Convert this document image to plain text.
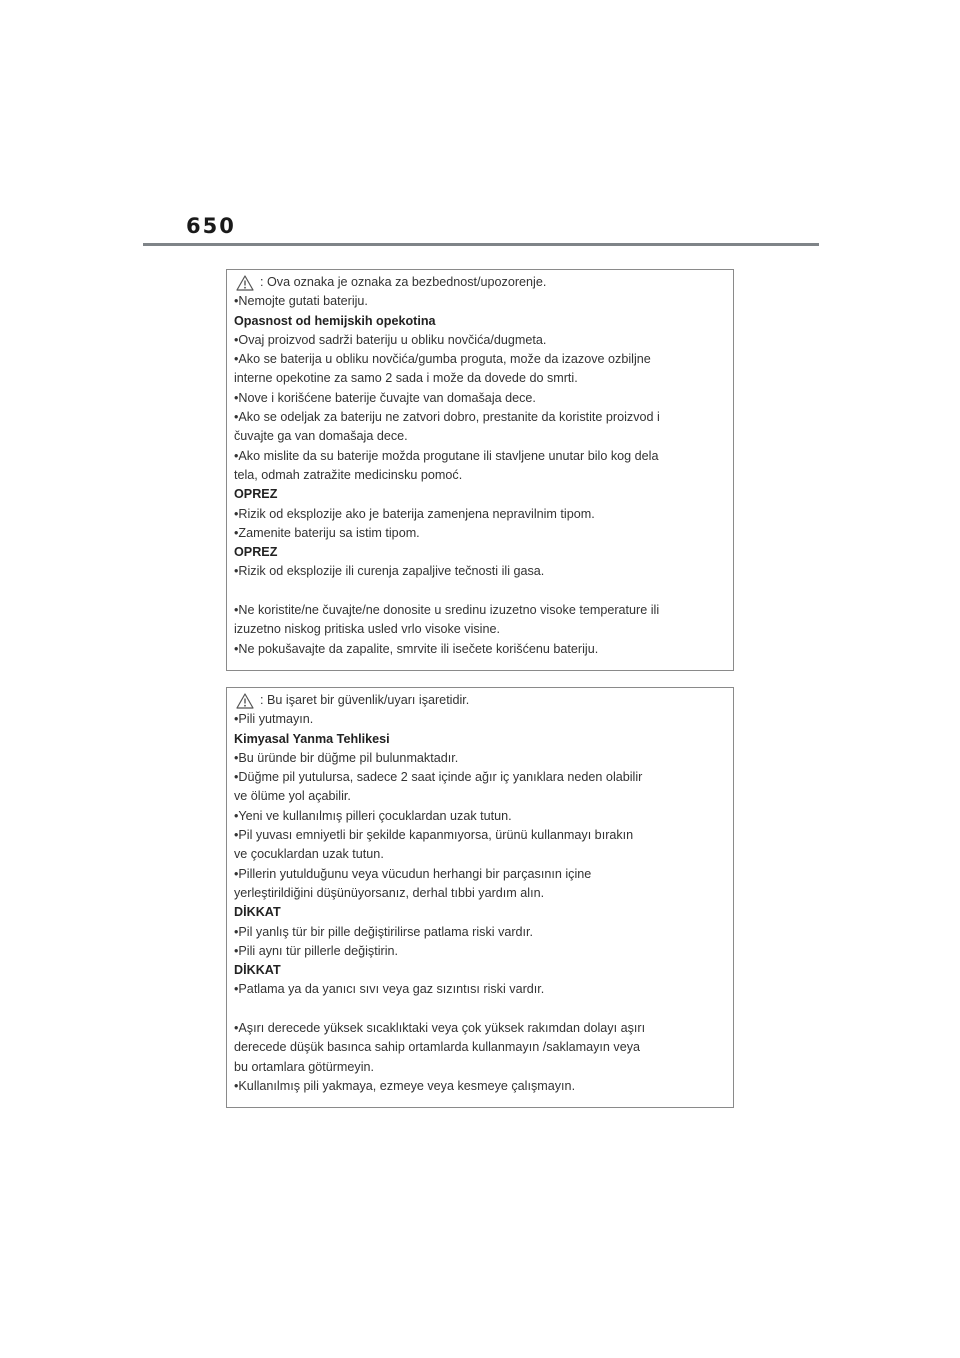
650
: Ova oznaka je oznaka za bezbednost/upozorenje.
•Nemojte gutati bateriju.
Opasnost od hemijskih opekotina
•Ovaj proizvod sadrži bateriju u obliku novčića/dugmeta.
•Ako se baterija u obliku novčića/gumba proguta, može da izazove ozbiljne
interne opekotine za samo 2 sada i može da dovede do smrti.
•Nove i korišćene baterije čuvajte van domašaja dece.
•Ako se odeljak za bateriju ne zatvori dobro, prestanite da koristite proizvod i
čuvajte ga van domašaja dece.
•Ako mislite da su baterije možda progutane ili stavljene unutar bilo kog dela
tela, odmah zatražite medicinsku pomoć.
OPREZ
•Rizik od eksplozije ako je baterija zamenjena nepravilnim tipom.
•Zamenite bateriju sa istim tipom.
OPREZ
•Rizik od eksplozije ili curenja zapaljive tečnosti ili gasa.
•Ne koristite/ne čuvajte/ne donosite u sredinu izuzetno visoke temperature ili
izuzetno niskog pritiska usled vrlo visoke visine.
•Ne pokušavajte da zapalite, smrvite ili isečete korišćenu bateriju.
: Bu işaret bir güvenlik/uyarı işaretidir.
•Pili yutmayın.
Kimyasal Yanma Tehlikesi
•Bu üründe bir düğme pil bulunmaktadır.
•Düğme pil yutulursa, sadece 2 saat içinde ağır iç yanıklara neden olabilir
ve ölüme yol açabilir.
•Yeni ve kullanılmış pilleri çocuklardan uzak tutun.
•Pil yuvası emniyetli bir şekilde kapanmıyorsa, ürünü kullanmayı bırakın
ve çocuklardan uzak tutun.
•Pillerin yutulduğunu veya vücudun herhangi bir parçasının içine
yerleştirildiğini düşünüyorsanız, derhal tıbbi yardım alın.
DİKKAT
•Pil yanlış tür bir pille değiştirilirse patlama riski vardır.
•Pili aynı tür pillerle değiştirin.
DİKKAT
•Patlama ya da yanıcı sıvı veya gaz sızıntısı riski vardır.
•Aşırı derecede yüksek sıcaklıktaki veya çok yüksek rakımdan dolayı aşırı
derecede düşük basınca sahip ortamlarda kullanmayın /saklamayın veya
bu ortamlara götürmeyin.
•Kullanılmış pili yakmaya, ezmeye veya kesmeye çalışmayın.
